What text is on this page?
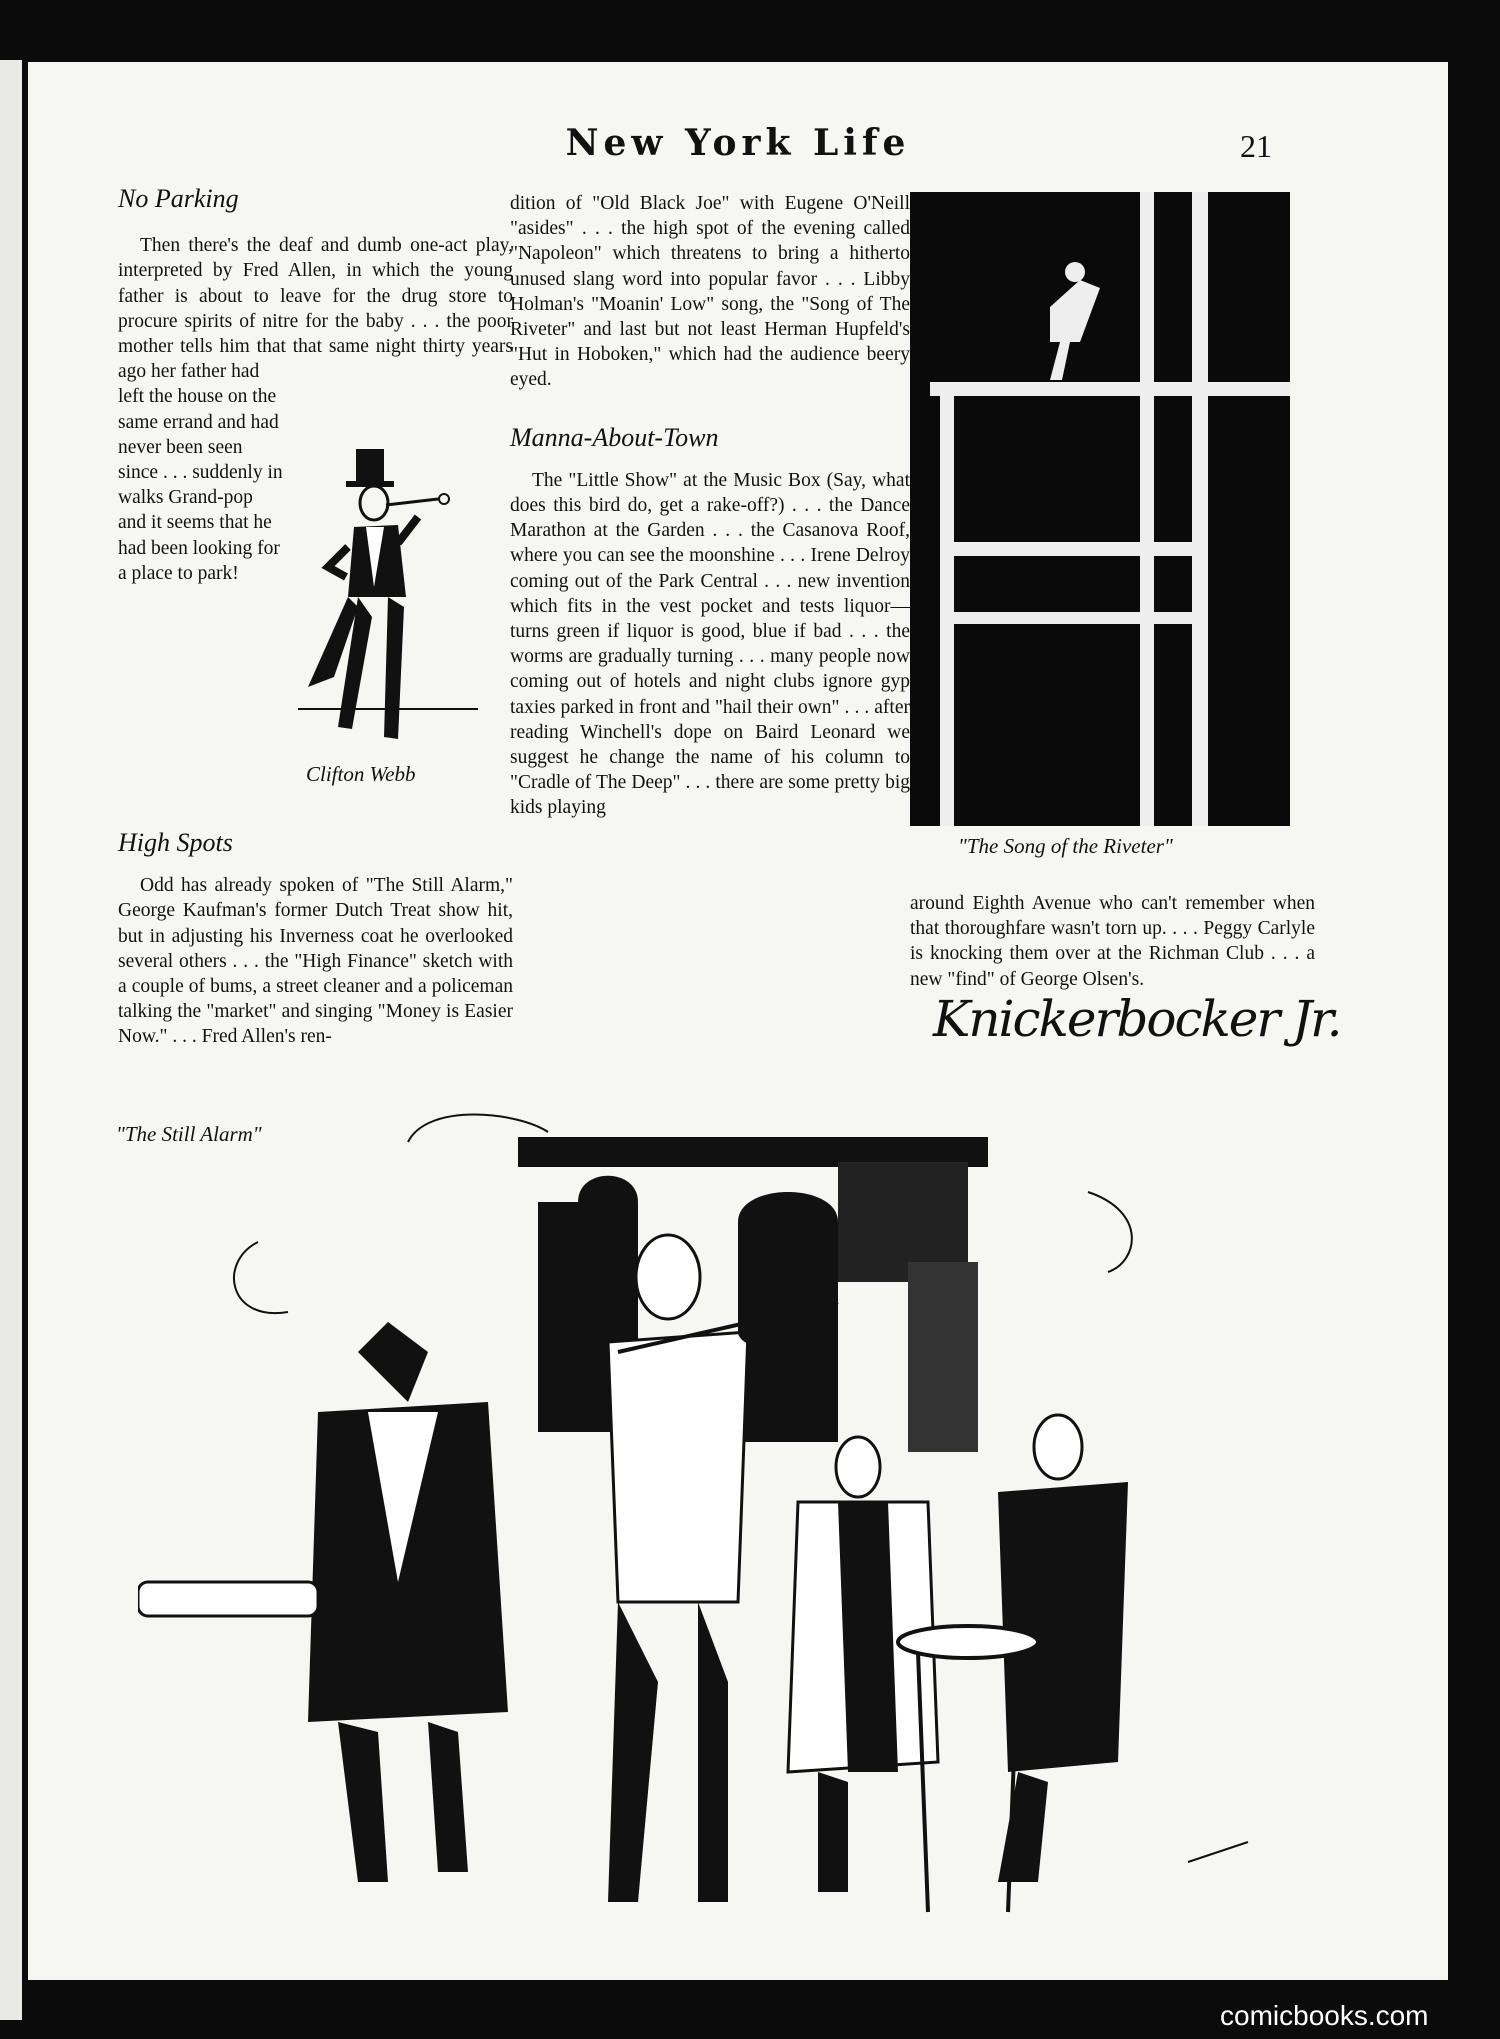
New York Life	21
No Parking

Then there's the deaf and dumb one-act play, interpreted by Fred Allen, in which the young father is about to leave for the drug store to procure spirits of nitre for the baby . . . the poor mother tells him that that same night thirty years ago her father had

left the house on the same errand and had never been seen since . . . suddenly in walks Grand-pop and it seems that he had been looking for a place to park!

Clifton Webb
High Spots

Odd has already spoken of "The Still Alarm," George Kaufman's former Dutch Treat show hit, but in adjusting his Inverness coat he overlooked several others . . . the "High Finance" sketch with a couple of bums, a street cleaner and a policeman talking the "market" and singing "Money is Easier Now." . . . Fred Allen's ren-

dition of "Old Black Joe" with Eugene O'Neill "asides" . . . the high spot of the evening called "Napoleon" which threatens to bring a hitherto unused slang word into popular favor . . . Libby Holman's "Moanin' Low" song, the "Song of The Riveter" and last but not least Herman Hupfeld's "Hut in Hoboken," which had the audience beery eyed.

Manna-About-Town

The "Little Show" at the Music Box (Say, what does this bird do, get a rake-off?) . . . the Dance Marathon at the Garden . . . the Casanova Roof, where you can see the moonshine . . . Irene Delroy coming out of the Park Central . . . new invention which fits in the vest pocket and tests liquor—turns green if liquor is good, blue if bad . . . the worms are gradually turning . . . many people now coming out of hotels and night clubs ignore gyp taxies parked in front and "hail their own" . . . after reading Winchell's dope on Baird Leonard we suggest he change the name of his column to "Cradle of The Deep" . . . there are some pretty big kids playing

"The Song of the Riveter"

around Eighth Avenue who can't remember when that thoroughfare wasn't torn up. . . . Peggy Carlyle is knocking them over at the Richman Club . . . a new "find" of George Olsen's.

Knickerbocker Jr.
"The Still Alarm"
comicbooks.com
